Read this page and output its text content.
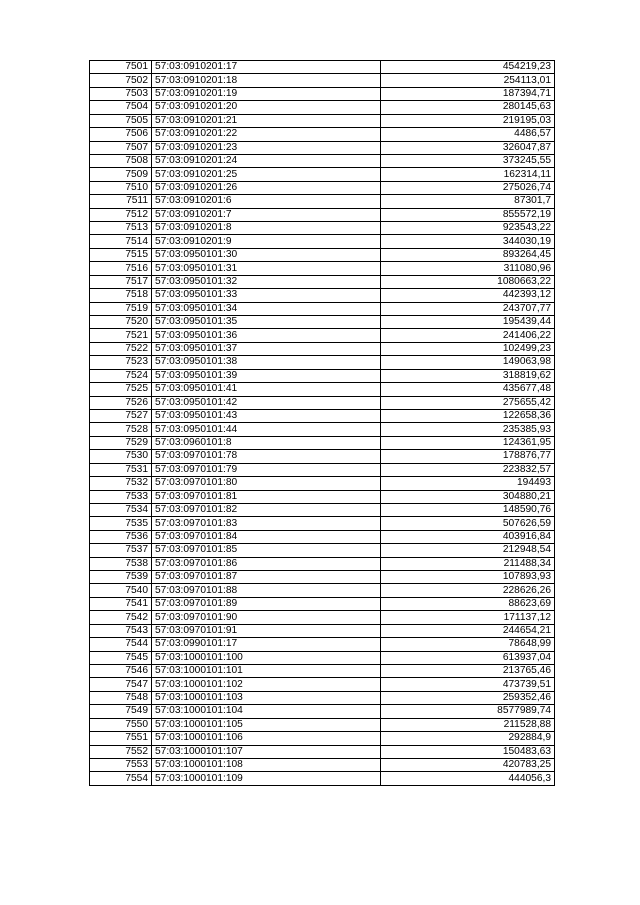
7501	57:03:0910201:17	454219,23
7502	57:03:0910201:18	254113,01
7503	57:03:0910201:19	187394,71
7504	57:03:0910201:20	280145,63
7505	57:03:0910201:21	219195,03
7506	57:03:0910201:22	4486,57
7507	57:03:0910201:23	326047,87
7508	57:03:0910201:24	373245,55
7509	57:03:0910201:25	162314,11
7510	57:03:0910201:26	275026,74
7511	57:03:0910201:6	87301,7
7512	57:03:0910201:7	855572,19
7513	57:03:0910201:8	923543,22
7514	57:03:0910201:9	344030,19
7515	57:03:0950101:30	893264,45
7516	57:03:0950101:31	311080,96
7517	57:03:0950101:32	1080663,22
7518	57:03:0950101:33	442393,12
7519	57:03:0950101:34	243707,77
7520	57:03:0950101:35	195439,44
7521	57:03:0950101:36	241406,22
7522	57:03:0950101:37	102499,23
7523	57:03:0950101:38	149063,98
7524	57:03:0950101:39	318819,62
7525	57:03:0950101:41	435677,48
7526	57:03:0950101:42	275655,42
7527	57:03:0950101:43	122658,36
7528	57:03:0950101:44	235385,93
7529	57:03:0960101:8	124361,95
7530	57:03:0970101:78	178876,77
7531	57:03:0970101:79	223832,57
7532	57:03:0970101:80	194493
7533	57:03:0970101:81	304880,21
7534	57:03:0970101:82	148590,76
7535	57:03:0970101:83	507626,59
7536	57:03:0970101:84	403916,84
7537	57:03:0970101:85	212948,54
7538	57:03:0970101:86	211488,34
7539	57:03:0970101:87	107893,93
7540	57:03:0970101:88	228626,26
7541	57:03:0970101:89	88623,69
7542	57:03:0970101:90	171137,12
7543	57:03:0970101:91	244654,21
7544	57:03:0990101:17	78648,99
7545	57:03:1000101:100	613937,04
7546	57:03:1000101:101	213765,46
7547	57:03:1000101:102	473739,51
7548	57:03:1000101:103	259352,46
7549	57:03:1000101:104	8577989,74
7550	57:03:1000101:105	211528,88
7551	57:03:1000101:106	292884,9
7552	57:03:1000101:107	150483,63
7553	57:03:1000101:108	420783,25
7554	57:03:1000101:109	444056,3
